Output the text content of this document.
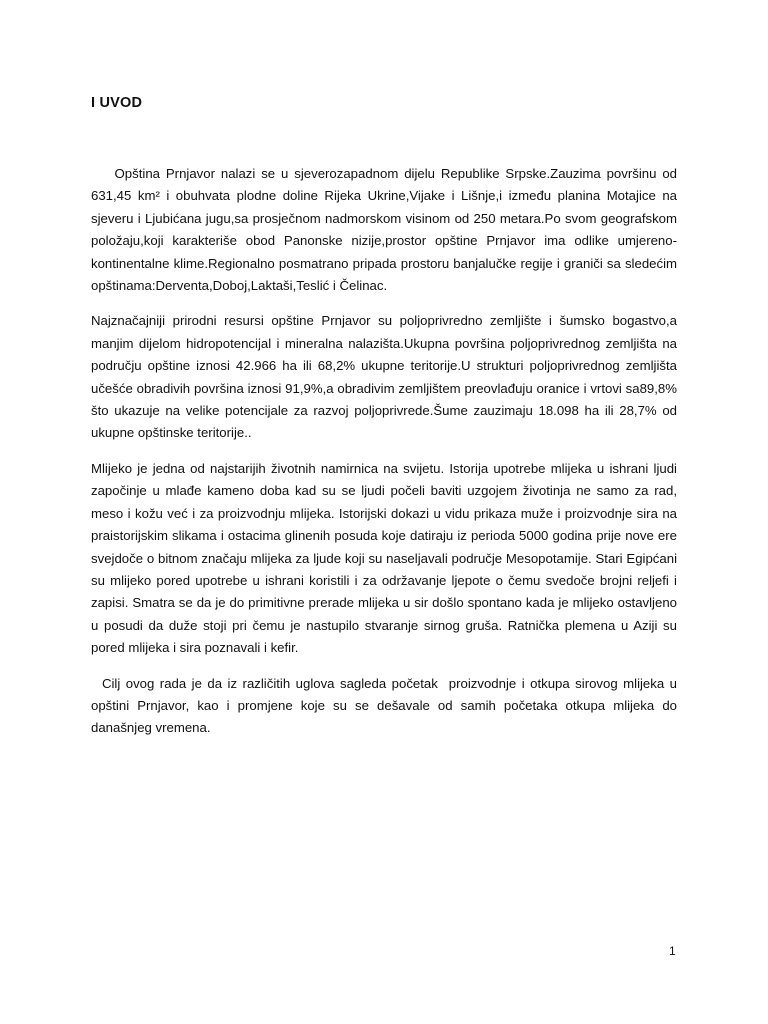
I UVOD

Opština Prnjavor nalazi se u sjeverozapadnom dijelu Republike Srpske.Zauzima površinu od 631,45 km² i obuhvata plodne doline Rijeka Ukrine,Vijake i Lišnje,i između planina Motajice na sjeveru i Ljubićana jugu,sa prosječnom nadmorskom visinom od 250 metara.Po svom geografskom položaju,koji karakteriše obod Panonske nizije,prostor opštine Prnjavor ima odlike umjereno-kontinentalne klime.Regionalno posmatrano pripada prostoru banjalučke regije i graniči sa sledećim opštinama:Derventa,Doboj,Laktaši,Teslić i Čelinac.

Najznačajniji prirodni resursi opštine Prnjavor su poljoprivredno zemljište i šumsko bogastvo,a manjim dijelom hidropotencijal i mineralna nalazišta.Ukupna površina poljoprivrednog zemljišta na području opštine iznosi 42.966 ha ili 68,2% ukupne teritorije.U strukturi poljoprivrednog zemljišta učešće obradivih površina iznosi 91,9%,a obradivim zemljištem preovlađuju oranice i vrtovi sa89,8% što ukazuje na velike potencijale za razvoj poljoprivrede.Šume zauzimaju 18.098 ha ili 28,7% od ukupne opštinske teritorije..

Mlijeko je jedna od najstarijih životnih namirnica na svijetu. Istorija upotrebe mlijeka u ishrani ljudi započinje u mlađe kameno doba kad su se ljudi počeli baviti uzgojem životinja ne samo za rad, meso i kožu već i za proizvodnju mlijeka. Istorijski dokazi u vidu prikaza muže i proizvodnje sira na praistorijskim slikama i ostacima glinenih posuda koje datiraju iz perioda 5000 godina prije nove ere svejdoče o bitnom značaju mlijeka za ljude koji su naseljavali područje Mesopotamije. Stari Egipćani su mlijeko pored upotrebe u ishrani koristili i za održavanje ljepote o čemu svedoče brojni reljefi i zapisi. Smatra se da je do primitivne prerade mlijeka u sir došlo spontano kada je mlijeko ostavljeno u posudi da duže stoji pri čemu je nastupilo stvaranje sirnog gruša. Ratnička plemena u Aziji su pored mlijeka i sira poznavali i kefir.

Cilj ovog rada je da iz različitih uglova sagleda početak  proizvodnje i otkupa sirovog mlijeka u opštini Prnjavor, kao i promjene koje su se dešavale od samih početaka otkupa mlijeka do današnjeg vremena.

1
